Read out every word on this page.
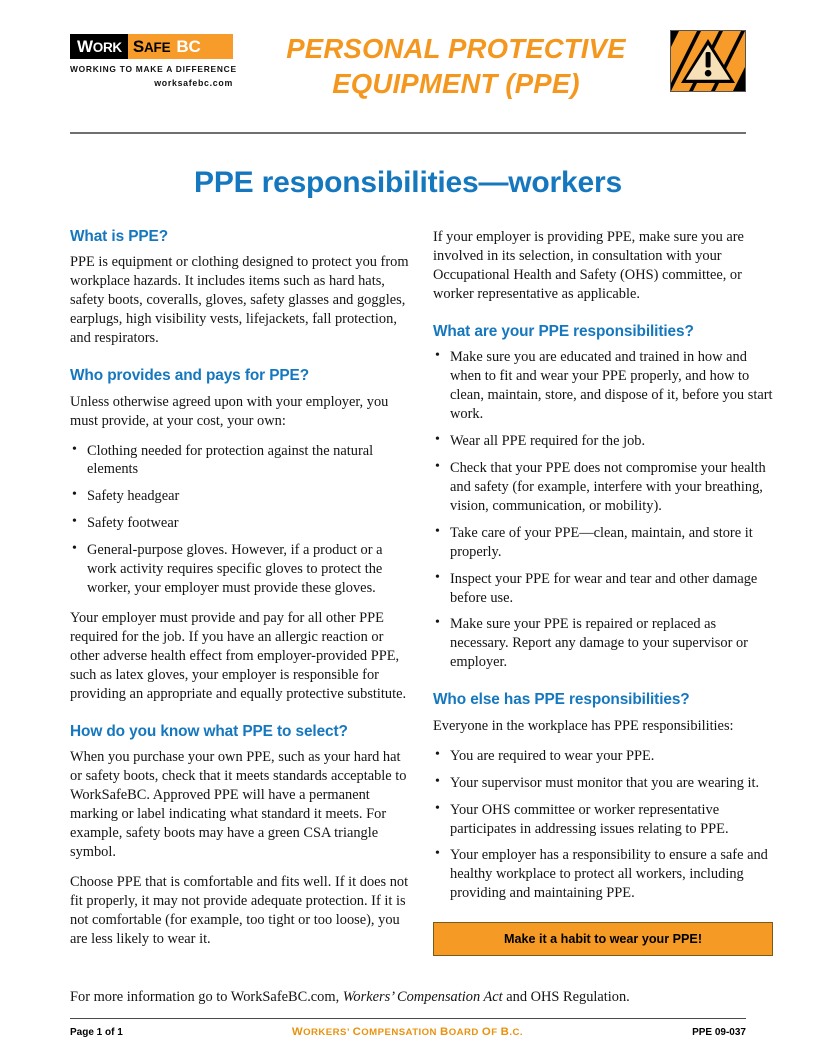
WORK SAFE BC
WORKING TO MAKE A DIFFERENCE
worksafebc.com
PERSONAL PROTECTIVE
EQUIPMENT (PPE)
PPE responsibilities—workers
What is PPE?

PPE is equipment or clothing designed to protect you from workplace hazards. It includes items such as hard hats, safety boots, coveralls, gloves, safety glasses and goggles, earplugs, high visibility vests, lifejackets, fall protection, and respirators.

Who provides and pays for PPE?

Unless otherwise agreed upon with your employer, you must provide, at your cost, your own:

• Clothing needed for protection against the natural elements
• Safety headgear
• Safety footwear
• General-purpose gloves. However, if a product or a work activity requires specific gloves to protect the worker, your employer must provide these gloves.

Your employer must provide and pay for all other PPE required for the job. If you have an allergic reaction or other adverse health effect from employer-provided PPE, such as latex gloves, your employer is responsible for providing an appropriate and equally protective substitute.

How do you know what PPE to select?

When you purchase your own PPE, such as your hard hat or safety boots, check that it meets standards acceptable to WorkSafeBC. Approved PPE will have a permanent marking or label indicating what standard it meets. For example, safety boots may have a green CSA triangle symbol.

Choose PPE that is comfortable and fits well. If it does not fit properly, it may not provide adequate protection. If it is not comfortable (for example, too tight or too loose), you are less likely to wear it.

If your employer is providing PPE, make sure you are involved in its selection, in consultation with your Occupational Health and Safety (OHS) committee, or worker representative as applicable.

What are your PPE responsibilities?
• Make sure you are educated and trained in how and when to fit and wear your PPE properly, and how to clean, maintain, store, and dispose of it, before you start work.
• Wear all PPE required for the job.
• Check that your PPE does not compromise your health and safety (for example, interfere with your breathing, vision, communication, or mobility).
• Take care of your PPE—clean, maintain, and store it properly.
• Inspect your PPE for wear and tear and other damage before use.
• Make sure your PPE is repaired or replaced as necessary. Report any damage to your supervisor or employer.
Who else has PPE responsibilities?

Everyone in the workplace has PPE responsibilities:

• You are required to wear your PPE.
• Your supervisor must monitor that you are wearing it.
• Your OHS committee or worker representative participates in addressing issues relating to PPE.
• Your employer has a responsibility to ensure a safe and healthy workplace to protect all workers, including providing and maintaining PPE.
Make it a habit to wear your PPE!
For more information go to WorkSafeBC.com, Workers’ Compensation Act and OHS Regulation.
Page 1 of 1	WORKERS’ COMPENSATION BOARD OF B.C.	PPE 09-037
